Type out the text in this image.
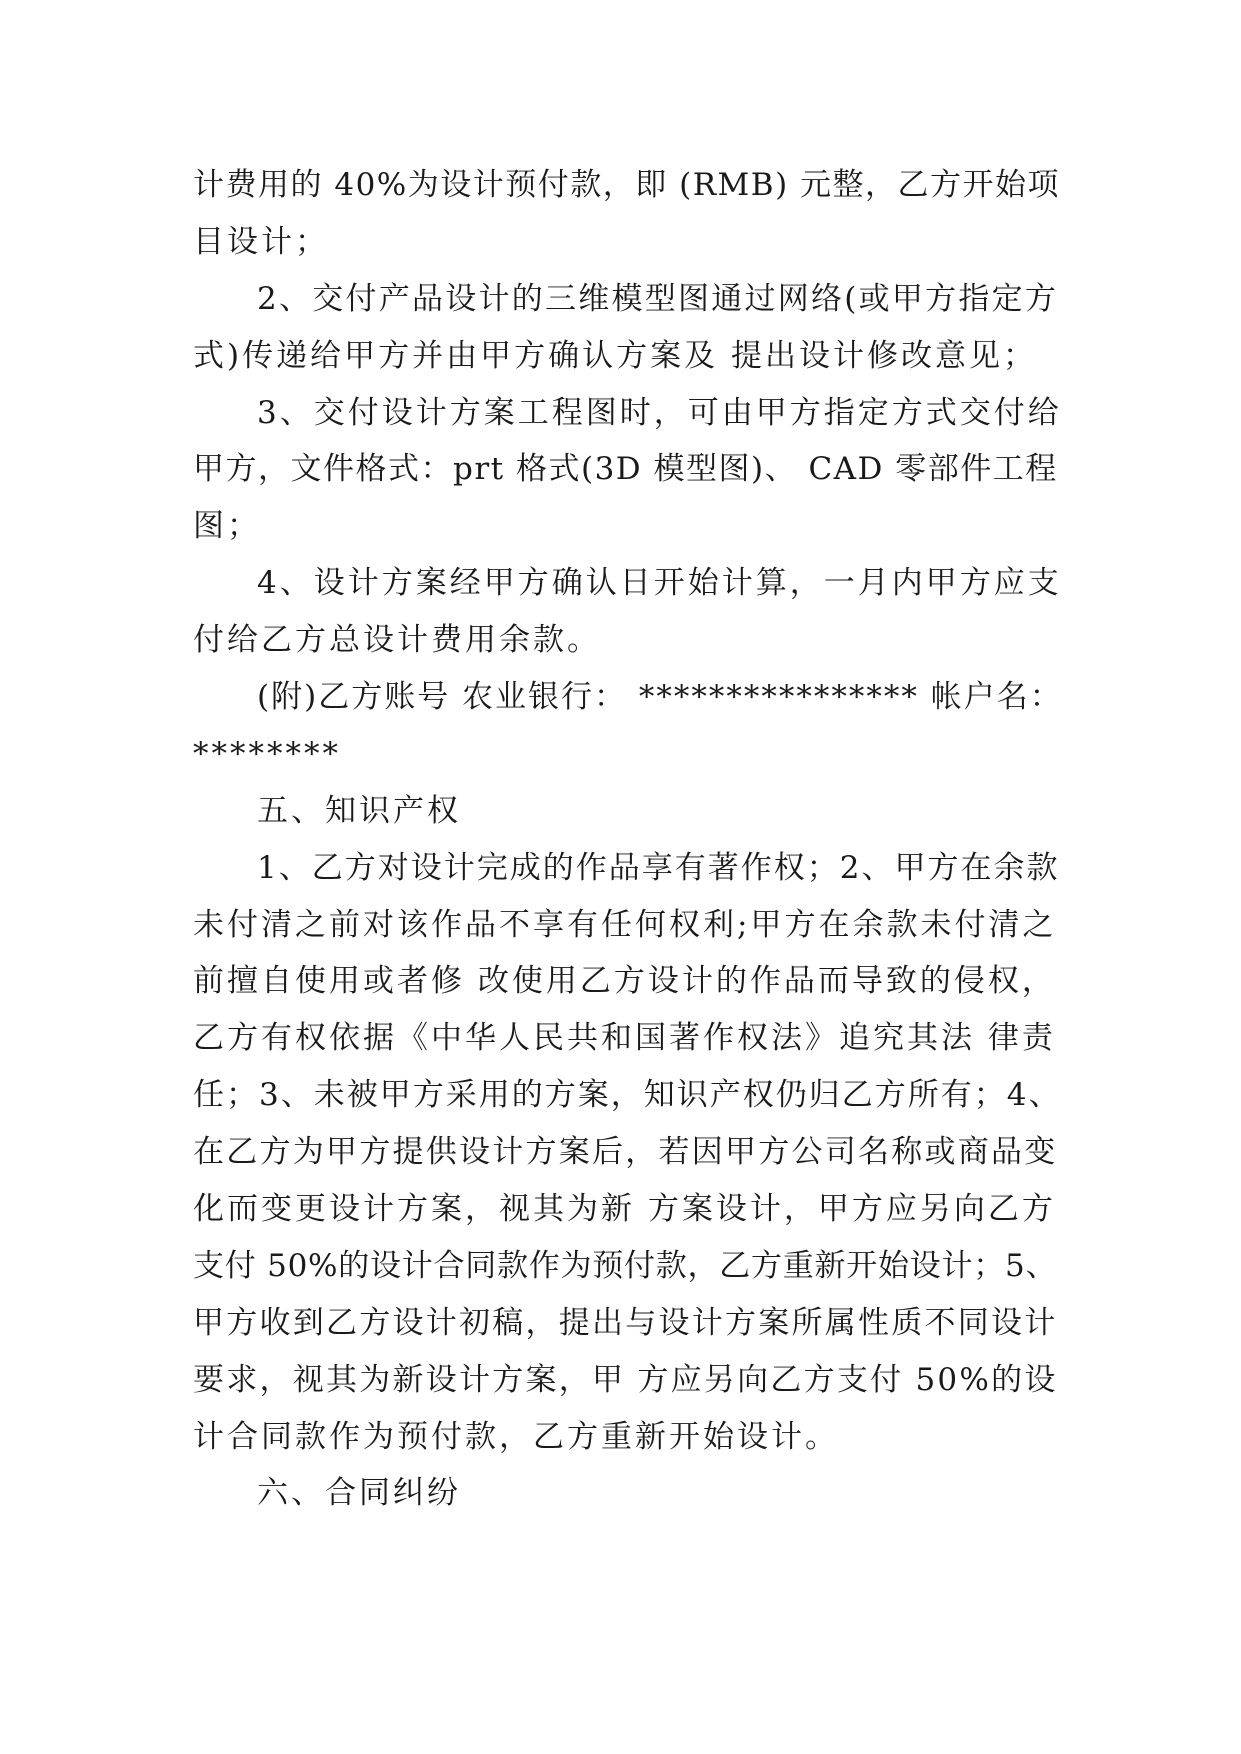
计费用的 40%为设计预付款，即 (RMB) 元整，乙方开始项
目设计；
2、交付产品设计的三维模型图通过网络(或甲方指定方
式)传递给甲方并由甲方确认方案及 提出设计修改意见；
3、交付设计方案工程图时，可由甲方指定方式交付给
甲方，文件格式：prt 格式(3D 模型图)、 CAD 零部件工程
图；
4、设计方案经甲方确认日开始计算，一月内甲方应支
付给乙方总设计费用余款。
(附)乙方账号 农业银行： **************** 帐户名：
********
五、知识产权
1、乙方对设计完成的作品享有著作权；2、甲方在余款
未付清之前对该作品不享有任何权利;甲方在余款未付清之
前擅自使用或者修 改使用乙方设计的作品而导致的侵权，
乙方有权依据《中华人民共和国著作权法》追究其法 律责
任；3、未被甲方采用的方案，知识产权仍归乙方所有；4、
在乙方为甲方提供设计方案后，若因甲方公司名称或商品变
化而变更设计方案，视其为新 方案设计，甲方应另向乙方
支付 50%的设计合同款作为预付款，乙方重新开始设计；5、
甲方收到乙方设计初稿，提出与设计方案所属性质不同设计
要求，视其为新设计方案，甲 方应另向乙方支付 50%的设
计合同款作为预付款，乙方重新开始设计。
六、合同纠纷
